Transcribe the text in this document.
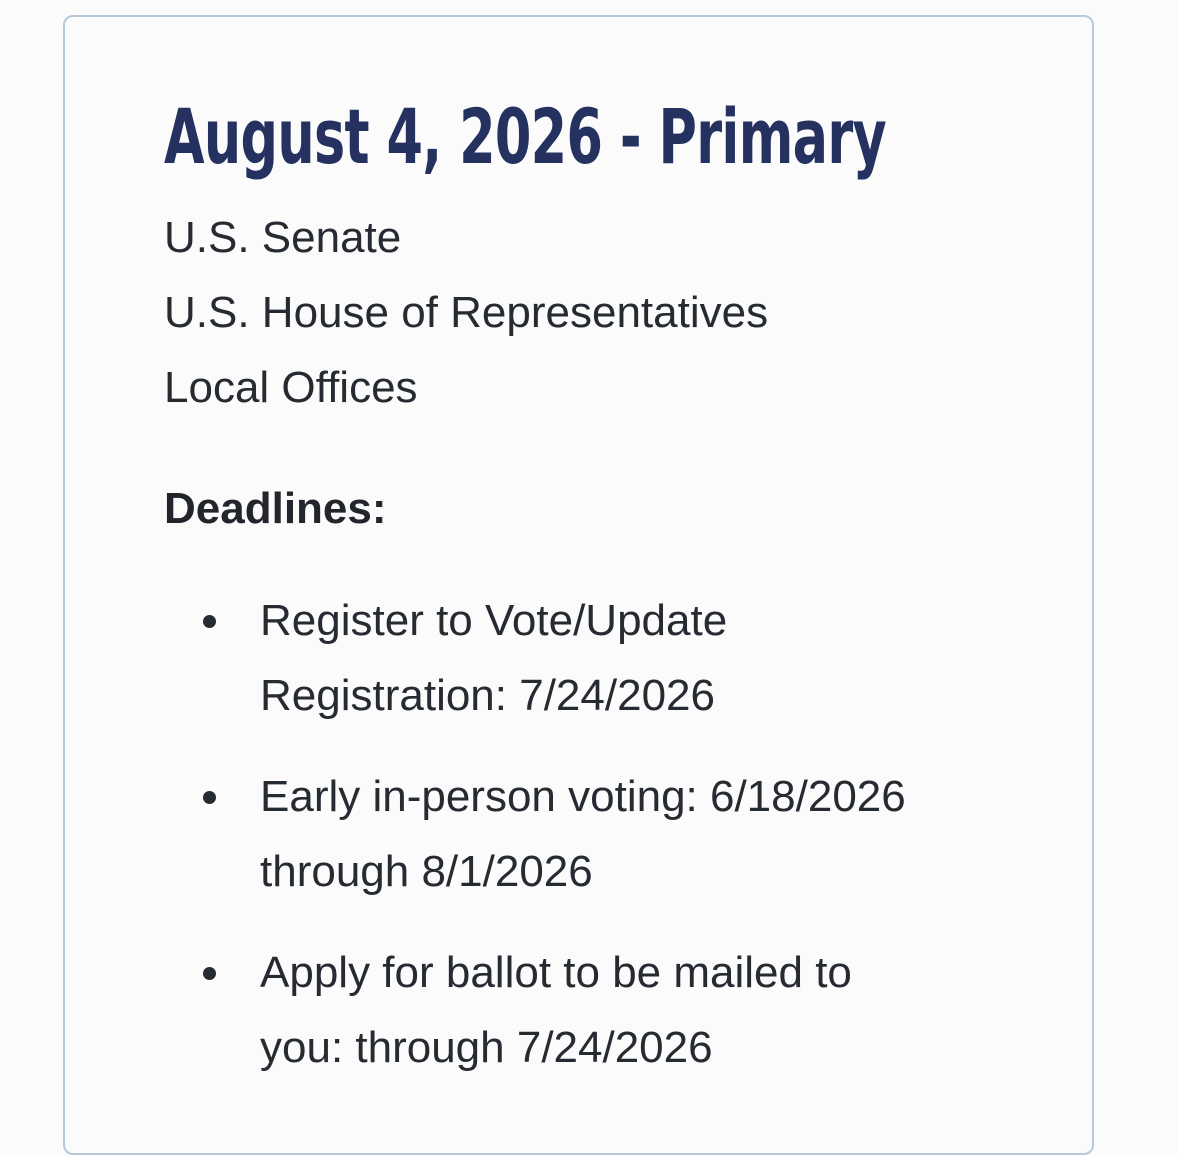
August 4, 2026 - Primary
U.S. Senate
U.S. House of Representatives
Local Offices

Deadlines:

Register to Vote/Update
Registration: 7/24/2026
Early in-person voting: 6/18/2026
through 8/1/2026
Apply for ballot to be mailed to
you: through 7/24/2026
